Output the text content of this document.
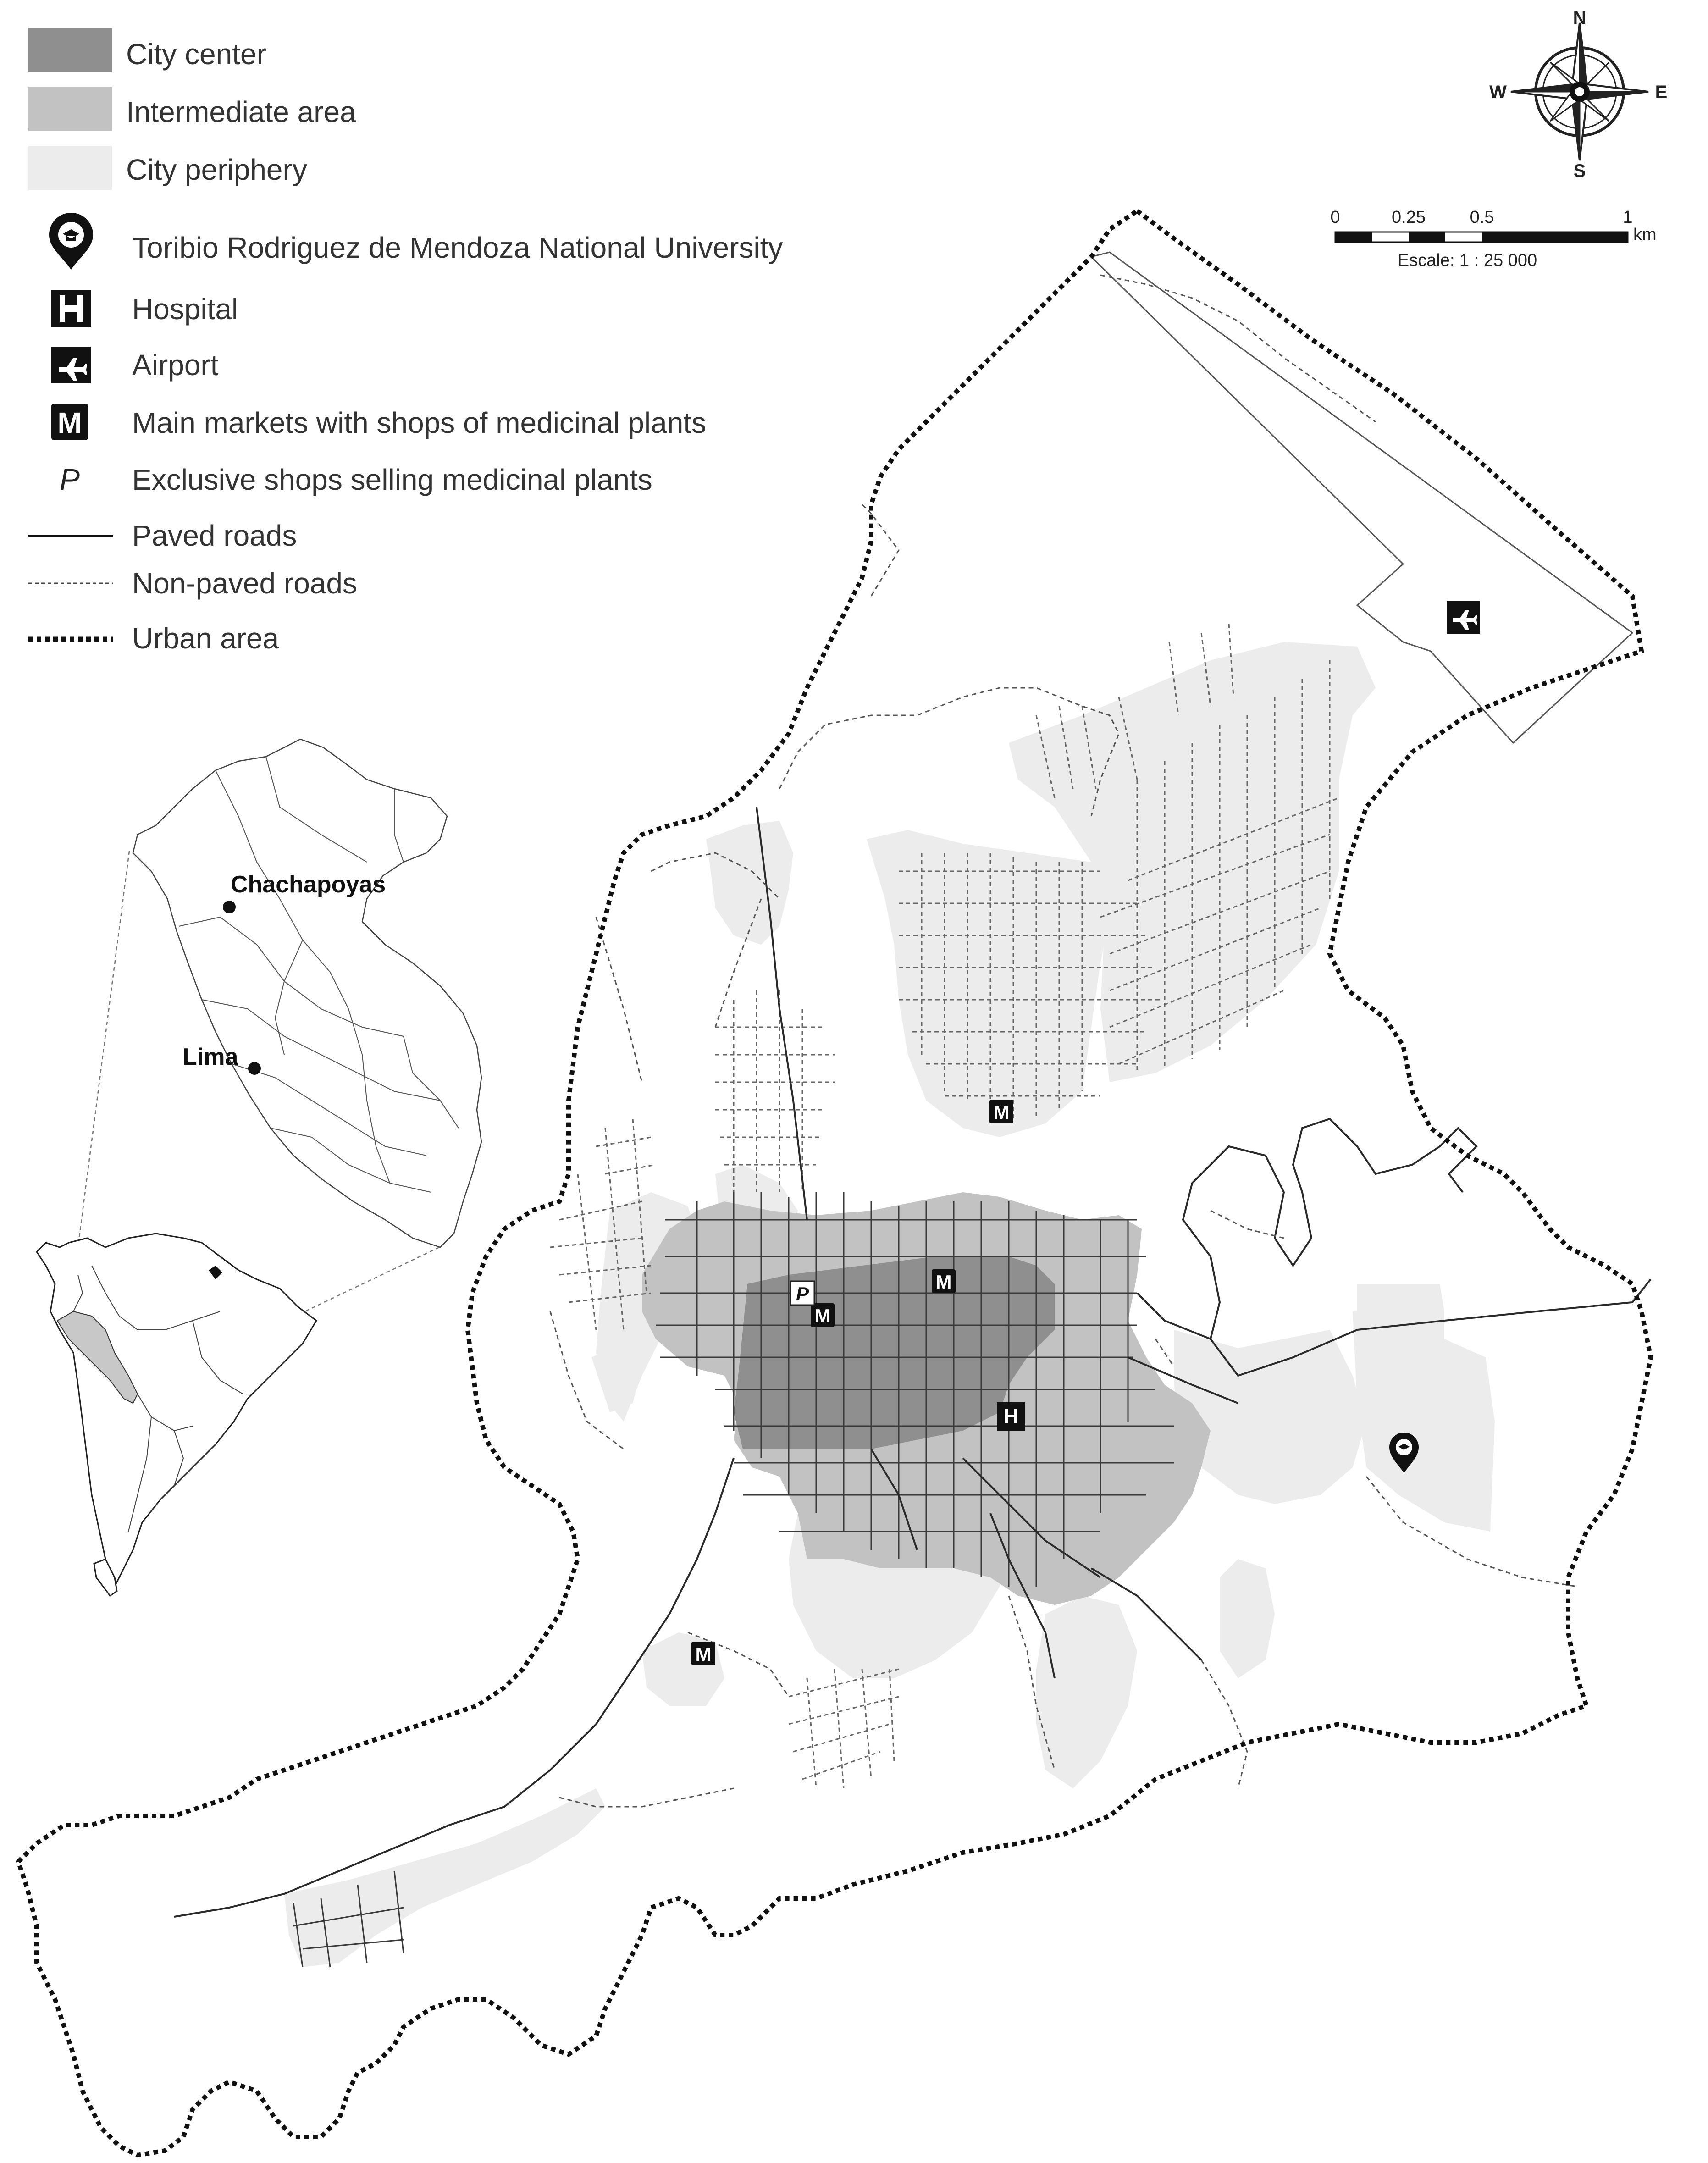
City center
Intermediate area
City periphery
Toribio Rodriguez de Mendoza National University
Hospital
Airport
M Main markets with shops of medicinal plants
P Exclusive shops selling medicinal plants
Paved roads
Non-paved roads
Urban area
N
S
E
W
0	0.25	0.5	1
km
Escale: 1 : 25 000
Chachapoyas
Lima
M
M
M
M
P
H
